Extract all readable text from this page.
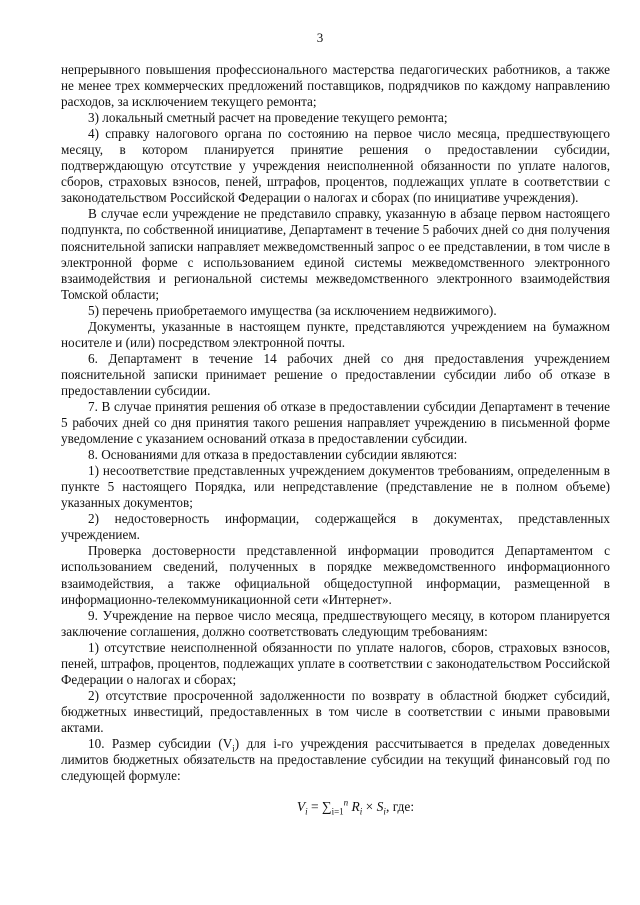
3

непрерывного повышения профессионального мастерства педагогических работников, а также не менее трех коммерческих предложений поставщиков, подрядчиков по каждому направлению расходов, за исключением текущего ремонта;

3) локальный сметный расчет на проведение текущего ремонта;

4) справку налогового органа по состоянию на первое число месяца, предшествующего месяцу, в котором планируется принятие решения о предоставлении субсидии, подтверждающую отсутствие у учреждения неисполненной обязанности по уплате налогов, сборов, страховых взносов, пеней, штрафов, процентов, подлежащих уплате в соответствии с законодательством Российской Федерации о налогах и сборах (по инициативе учреждения).

В случае если учреждение не представило справку, указанную в абзаце первом настоящего подпункта, по собственной инициативе, Департамент в течение 5 рабочих дней со дня получения пояснительной записки направляет межведомственный запрос о ее представлении, в том числе в электронной форме с использованием единой системы межведомственного электронного взаимодействия и региональной системы межведомственного электронного взаимодействия Томской области;

5) перечень приобретаемого имущества (за исключением недвижимого).

Документы, указанные в настоящем пункте, представляются учреждением на бумажном носителе и (или) посредством электронной почты.

6. Департамент в течение 14 рабочих дней со дня предоставления учреждением пояснительной записки принимает решение о предоставлении субсидии либо об отказе в предоставлении субсидии.

7. В случае принятия решения об отказе в предоставлении субсидии Департамент в течение 5 рабочих дней со дня принятия такого решения направляет учреждению в письменной форме уведомление с указанием оснований отказа в предоставлении субсидии.

8. Основаниями для отказа в предоставлении субсидии являются:

1) несоответствие представленных учреждением документов требованиям, определенным в пункте 5 настоящего Порядка, или непредставление (представление не в полном объеме) указанных документов;

2) недостоверность информации, содержащейся в документах, представленных учреждением.

Проверка достоверности представленной информации проводится Департаментом с использованием сведений, полученных в порядке межведомственного информационного взаимодействия, а также официальной общедоступной информации, размещенной в информационно-телекоммуникационной сети «Интернет».

9. Учреждение на первое число месяца, предшествующего месяцу, в котором планируется заключение соглашения, должно соответствовать следующим требованиям:

1) отсутствие неисполненной обязанности по уплате налогов, сборов, страховых взносов, пеней, штрафов, процентов, подлежащих уплате в соответствии с законодательством Российской Федерации о налогах и сборах;

2) отсутствие просроченной задолженности по возврату в областной бюджет субсидий, бюджетных инвестиций, предоставленных в том числе в соответствии с иными правовыми актами.

10. Размер субсидии $(V_i)$ для i-го учреждения рассчитывается в пределах доведенных лимитов бюджетных обязательств на предоставление субсидии на текущий финансовый год по следующей формуле:

$V_i = \sum_{i=1}^n$ $R_i \times S_i$, где:
